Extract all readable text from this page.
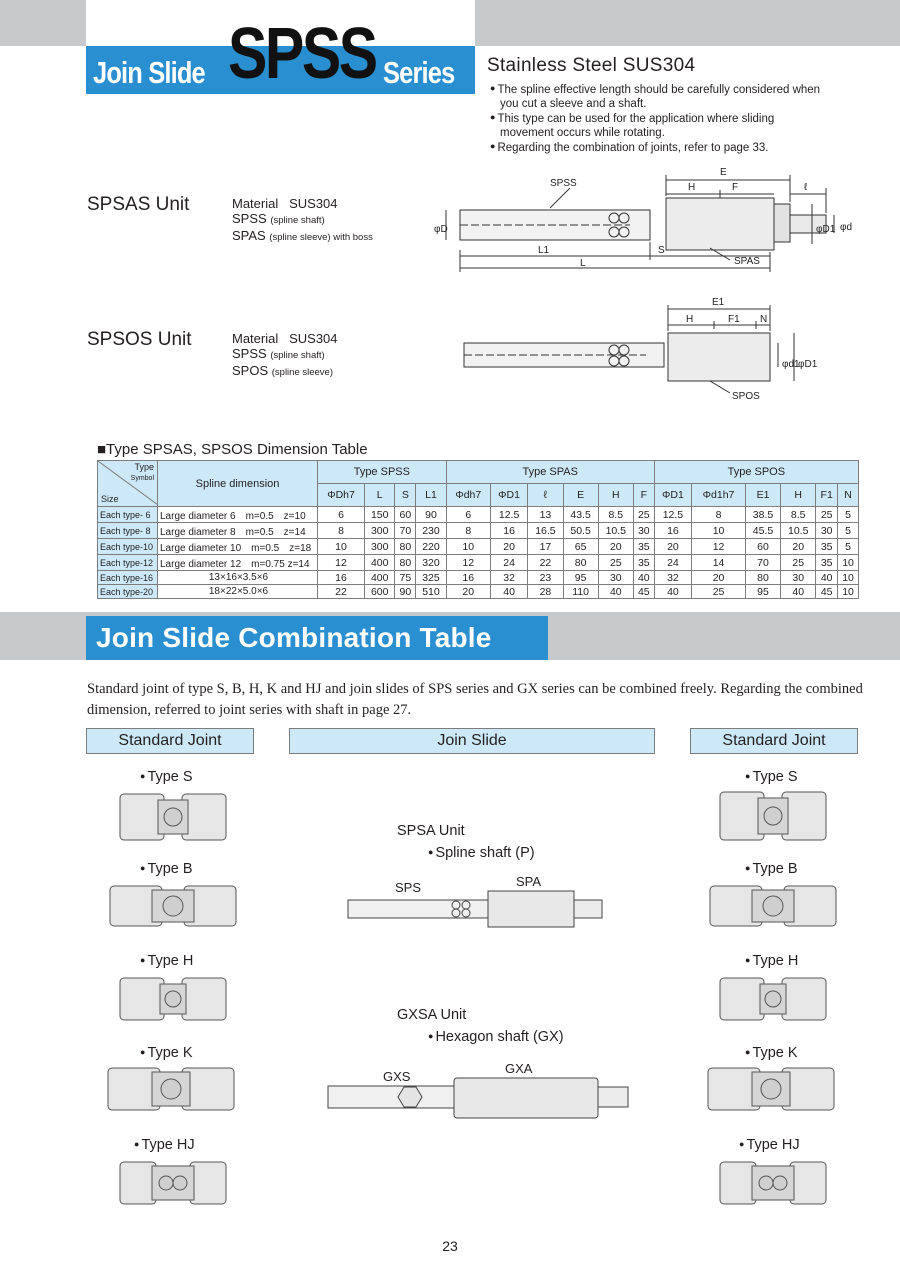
Join Slide SPSS Series Stainless Steel SUS304
● The spline effective length should be carefully considered when you cut a sleeve and a shaft.
● This type can be used for the application where sliding movement occurs while rotating.
● Regarding the combination of joints, refer to page 33.
SPSAS Unit	Material SUS304
SPSS (spline shaft)
SPAS (spline sleeve) with boss
SPSS
E
H	F	ℓ
φD	φD1 φd
L1
L
S
SPAS
SPSOS Unit	Material SUS304
SPSS (spline shaft)
SPOS (spline sleeve)
E1
H	F1 N
φd1
φD1
SPOS
■Type SPSAS, SPSOS Dimension Table
Type
Symbol
Size	Spline dimension	Type SPSS				Type SPAS						Type SPOS					
		ΦDh7	L	S	L1	Φdh7	ΦD1	ℓ	E	H	F	ΦD1	Φd1h7	E1	H	F1	N
Each type- 6	Large diameter 6　m=0.5　z=10	6	150	60	90	6	12.5	13	43.5	8.5	25	12.5	8	38.5	8.5	25	5
Each type- 8	Large diameter 8　m=0.5　z=14	8	300	70	230	8	16	16.5	50.5	10.5	30	16	10	45.5	10.5	30	5
Each type-10	Large diameter 10　m=0.5　z=18	10	300	80	220	10	20	17	65	20	35	20	12	60	20	35	5
Each type-12	Large diameter 12　m=0.75 z=14	12	400	80	320	12	24	22	80	25	35	24	14	70	25	35	10
Each type-16	13×16×3.5×6	16	400	75	325	16	32	23	95	30	40	32	20	80	30	40	10
Each type-20	18×22×5.0×6	22	600	90	510	20	40	28	110	40	45	40	25	95	40	45	10
Join Slide Combination Table
Standard joint of type S, B, H, K and HJ and join slides of SPS series and GX series can be combined freely. Regarding the combined dimension, referred to joint series with shaft in page 27.
Standard Joint	Join Slide	Standard Joint
● Type S
● Type B
● Type H
● Type K
● Type HJ
● Type S
● Type B
● Type H
● Type K
● Type HJ
SPSA Unit
● Spline shaft (P)
SPS	SPA
GXSA Unit
● Hexagon shaft (GX)
GXS
GXA
23
